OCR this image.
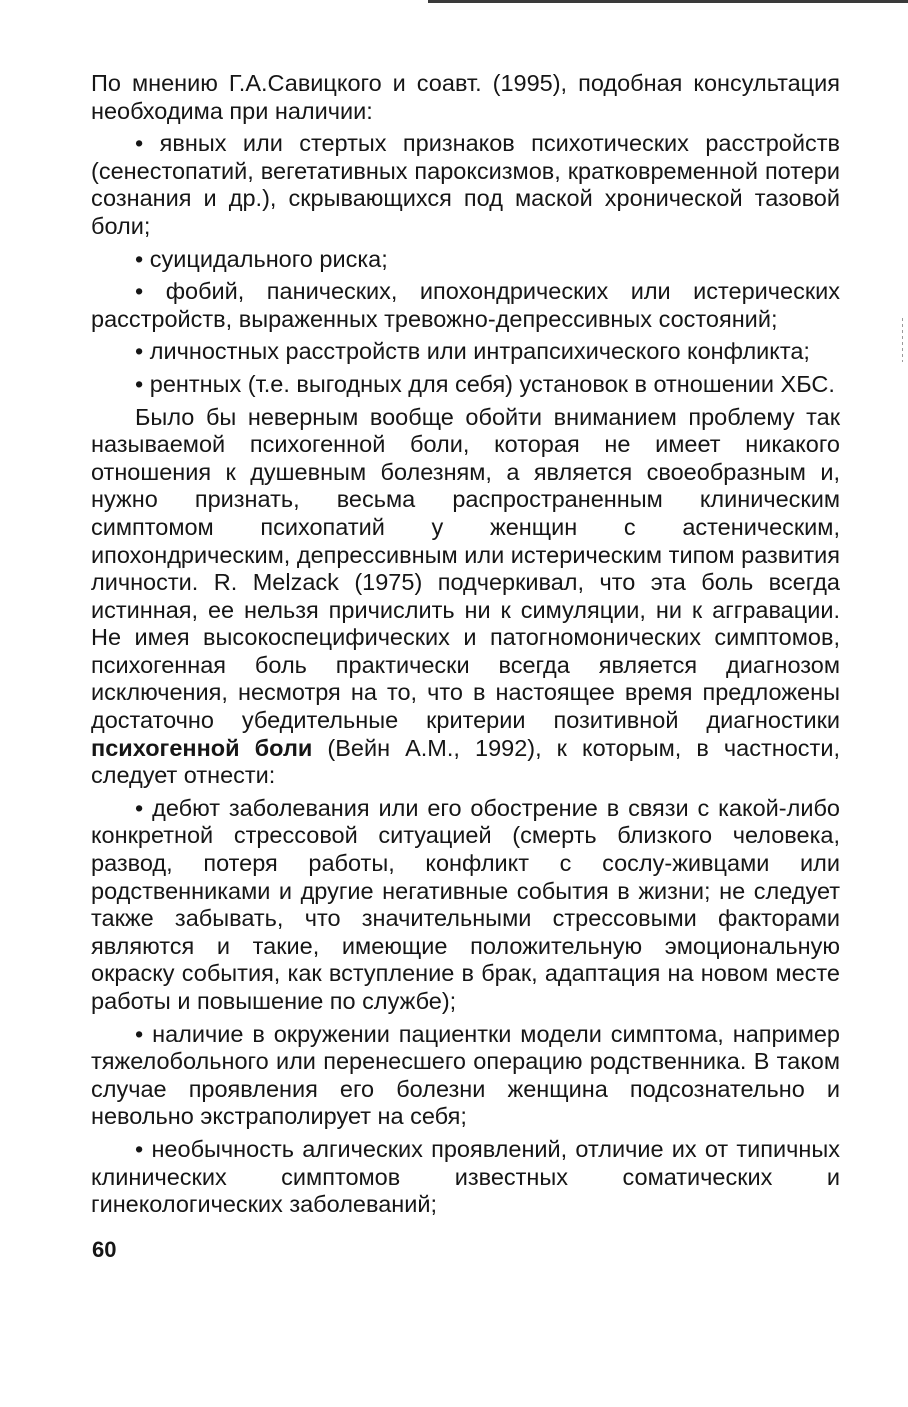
По мнению Г.А.Савицкого и соавт. (1995), подобная консультация необходима при наличии:

• явных или стертых признаков психотических расстройств (сенестопатий, вегетативных пароксизмов, кратковременной потери сознания и др.), скрывающихся под маской хронической тазовой боли;

• суицидального риска;

• фобий, панических, ипохондрических или истерических расстройств, выраженных тревожно-депрессивных состояний;

• личностных расстройств или интрапсихического конфликта;

• рентных (т.е. выгодных для себя) установок в отношении ХБС.

Было бы неверным вообще обойти вниманием проблему так называемой психогенной боли, которая не имеет никакого отношения к душевным болезням, а является своеобразным и, нужно признать, весьма распространенным клиническим симптомом психопатий у женщин с астеническим, ипохондрическим, депрессивным или истерическим типом развития личности. R. Melzack (1975) подчеркивал, что эта боль всегда истинная, ее нельзя причислить ни к симуляции, ни к аггравации. Не имея высокоспецифических и патогномонических симптомов, психогенная боль практически всегда является диагнозом исключения, несмотря на то, что в настоящее время предложены достаточно убедительные критерии позитивной диагностики психогенной боли (Вейн А.М., 1992), к которым, в частности, следует отнести:

• дебют заболевания или его обострение в связи с какой-либо конкретной стрессовой ситуацией (смерть близкого человека, развод, потеря работы, конфликт с сослу-живцами или родственниками и другие негативные события в жизни; не следует также забывать, что значительными стрессовыми факторами являются и такие, имеющие положительную эмоциональную окраску события, как вступление в брак, адаптация на новом месте работы и повышение по службе);

• наличие в окружении пациентки модели симптома, например тяжелобольного или перенесшего операцию родственника. В таком случае проявления его болезни женщина подсознательно и невольно экстраполирует на себя;

• необычность алгических проявлений, отличие их от типичных клинических симптомов известных соматических и гинекологических заболеваний;

60
